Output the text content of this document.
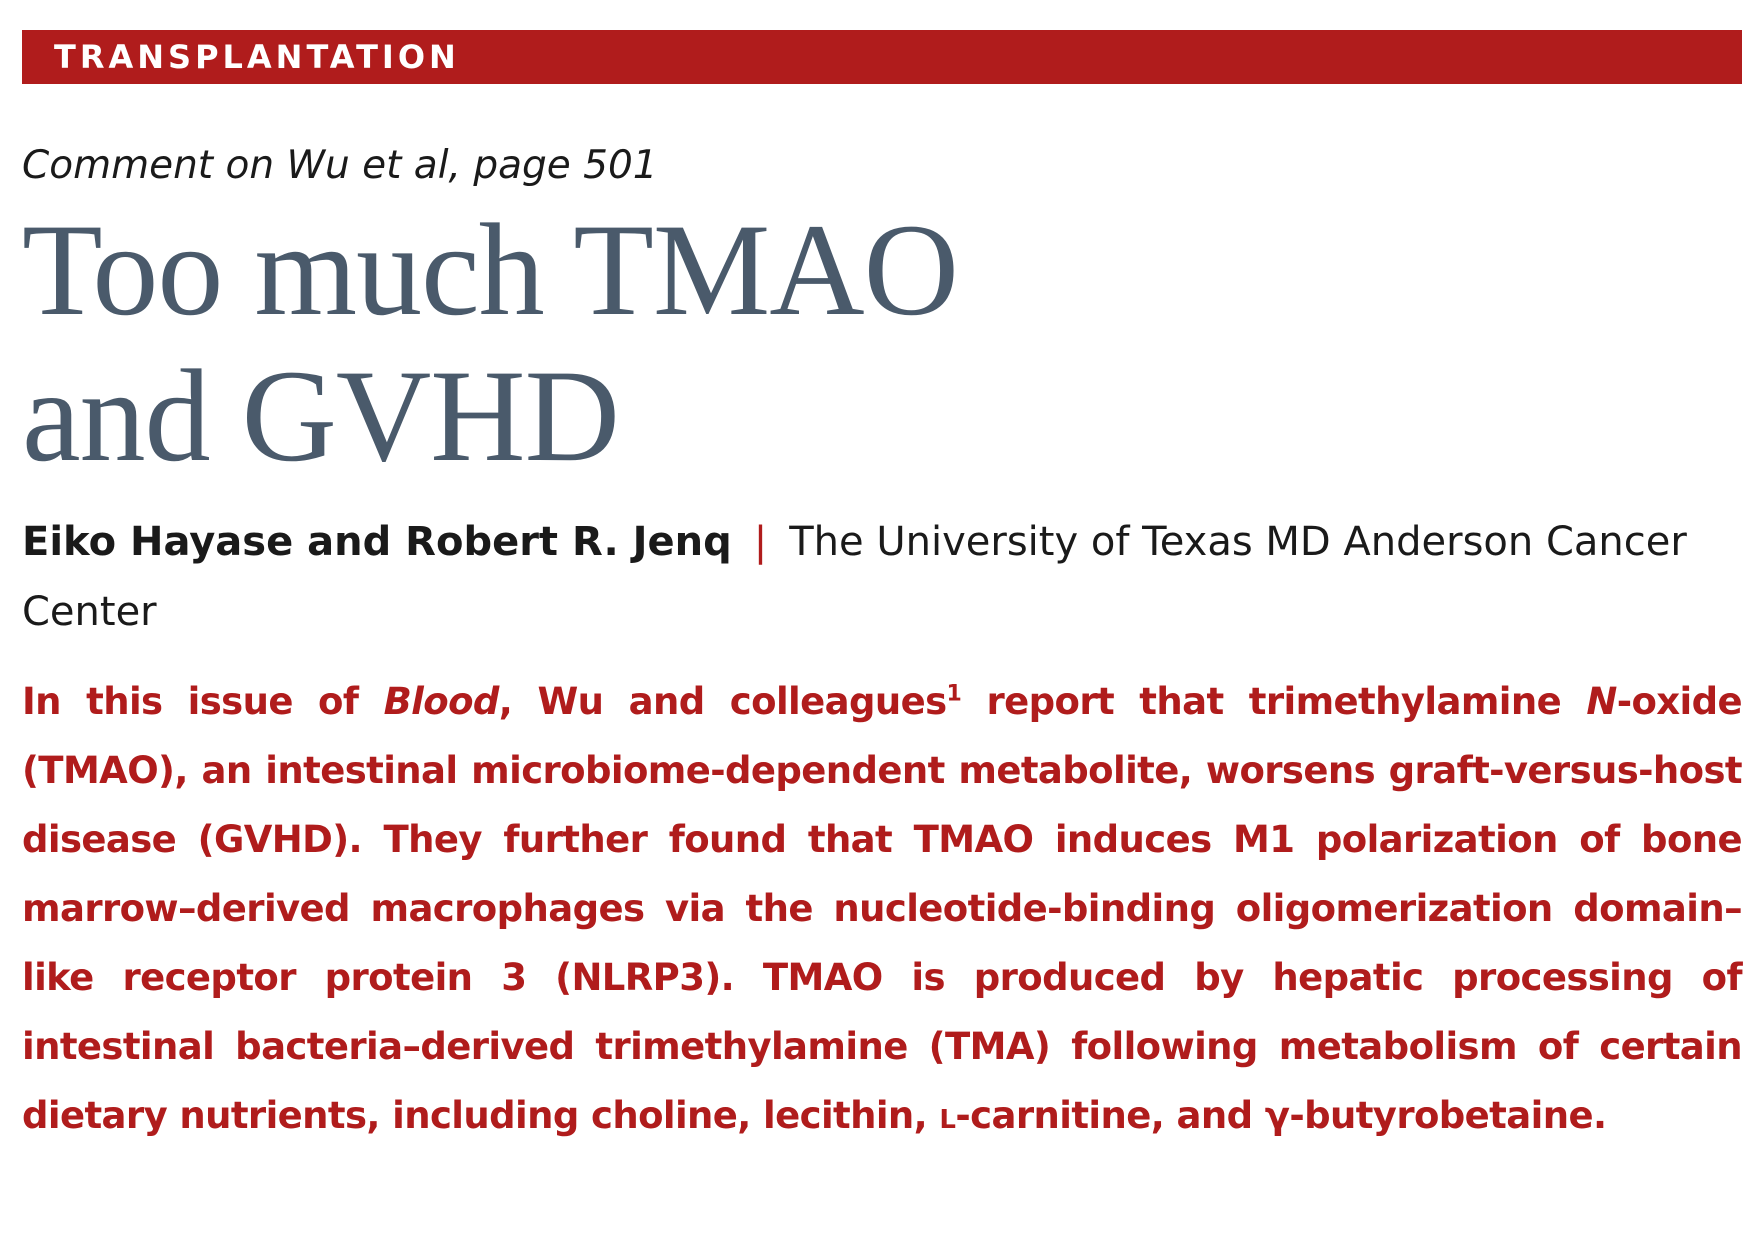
TRANSPLANTATION
Comment on Wu et al, page 501
Too much TMAO
and GVHD
Eiko Hayase and Robert R. Jenq | The University of Texas MD Anderson Cancer Center

In this issue of Blood, Wu and colleagues$^1$ report that trimethylamine N-oxide (TMAO), an intestinal microbiome-dependent metabolite, worsens graft-versus-host disease (GVHD). They further found that TMAO induces M1 polarization of bone marrow–derived macrophages via the nucleotide-binding oligomerization domain–like receptor protein 3 (NLRP3). TMAO is produced by hepatic processing of intestinal bacteria–derived trimethylamine (TMA) following metabolism of certain dietary nutrients, including choline, lecithin, L-carnitine, and γ-butyrobetaine.
